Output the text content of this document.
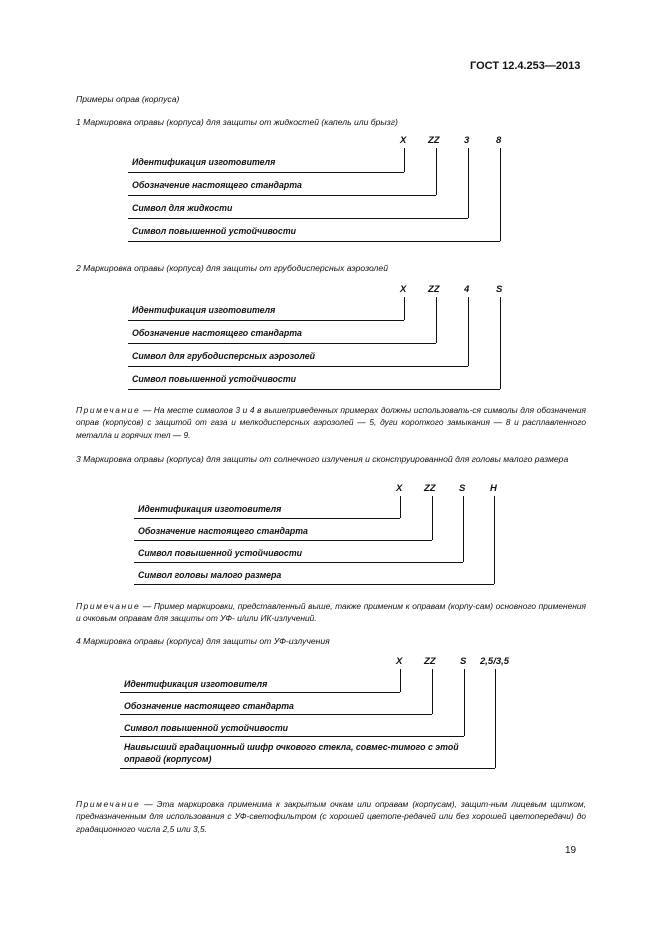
ГОСТ 12.4.253—2013
Примеры оправ (корпуса)
1 Маркировка оправы (корпуса) для защиты от жидкостей (капель или брызг)
X ZZ	3	8
Идентификация изготовителя
Обозначение настоящего стандарта
Символ для жидкости
Символ повышенной устойчивости
2 Маркировка оправы (корпуса) для защиты от грубодисперсных аэрозолей
X ZZ	4	S
Идентификация изготовителя
Обозначение настоящего стандарта
Символ для грубодисперсных аэрозолей
Символ повышенной устойчивости
Примечание — На месте символов 3 и 4 в вышеприведенных примерах должны использовать-ся символы для обозначения оправ (корпусов) с защитой от газа и мелкодисперсных аэрозолей — 5, дуги короткого замыкания — 8 и расплавленного металла и горячих тел — 9.
3 Маркировка оправы (корпуса) для защиты от солнечного излучения и сконструированной для головы малого размера
X ZZ S	H
Идентификация изготовителя
Обозначение настоящего стандарта
Символ повышенной устойчивости
Символ головы малого размера
Примечание — Пример маркировки, представленный выше, также применим к оправам (корпу-сам) основного применения и очковым оправам для защиты от УФ- и/или ИК-излучений.
4 Маркировка оправы (корпуса) для защиты от УФ-излучения
X ZZ	S 2,5/3,5
Идентификация изготовителя
Обозначение настоящего стандарта
Символ повышенной устойчивости
Наивысший градационный шифр очкового стекла, совмес-тимого с этой оправой (корпусом)
Примечание — Эта маркировка применима к закрытым очкам или оправам (корпусам), защит-ным лицевым щитком, предназначенным для использования с УФ-светофильтром (с хорошей цветопе-редачей или без хорошей цветопередачи) до градационного числа 2,5 или 3,5.
19
